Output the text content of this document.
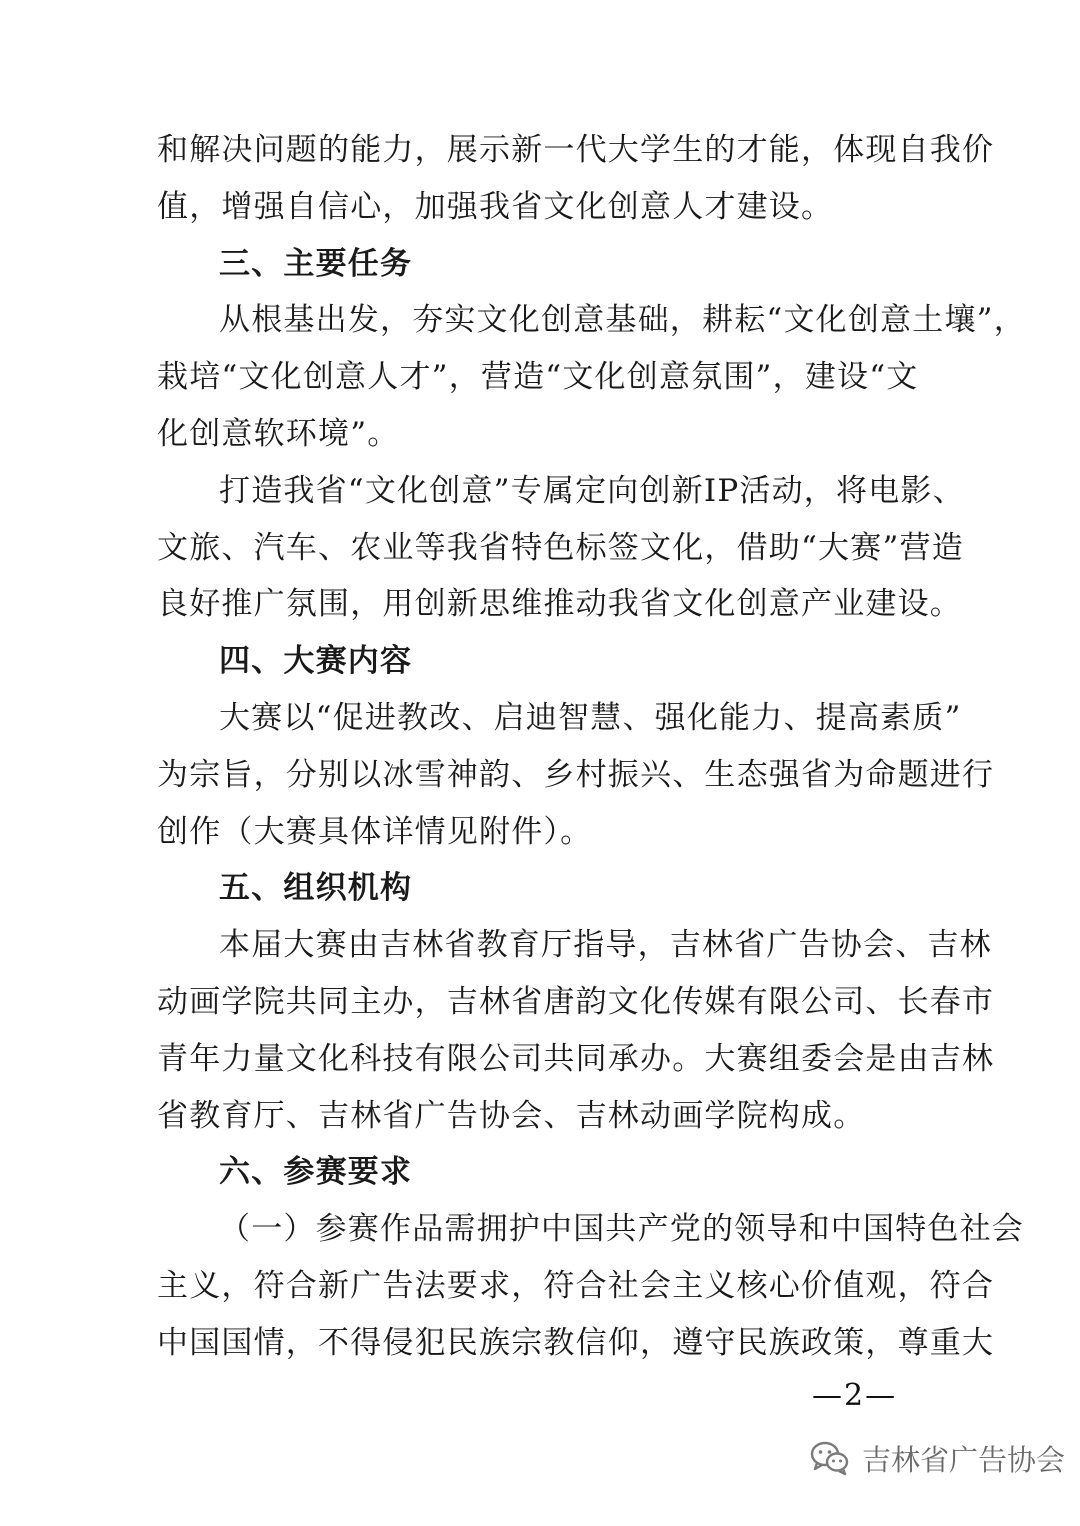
和解决问题的能力，展示新一代大学生的才能，体现自我价
值，增强自信心，加强我省文化创意人才建设。
三、主要任务
从根基出发，夯实文化创意基础，耕耘“文化创意土壤”，
栽培“文化创意人才”，营造“文化创意氛围”，建设“文
化创意软环境”。
打造我省“文化创意”专属定向创新IP活动，将电影、
文旅、汽车、农业等我省特色标签文化，借助“大赛”营造
良好推广氛围，用创新思维推动我省文化创意产业建设。
四、大赛内容
大赛以“促进教改、启迪智慧、强化能力、提高素质”
为宗旨，分别以冰雪神韵、乡村振兴、生态强省为命题进行
创作（大赛具体详情见附件）。
五、组织机构
本届大赛由吉林省教育厅指导，吉林省广告协会、吉林
动画学院共同主办，吉林省唐韵文化传媒有限公司、长春市
青年力量文化科技有限公司共同承办。大赛组委会是由吉林
省教育厅、吉林省广告协会、吉林动画学院构成。
六、参赛要求
（一）参赛作品需拥护中国共产党的领导和中国特色社会
主义，符合新广告法要求，符合社会主义核心价值观，符合
中国国情，不得侵犯民族宗教信仰，遵守民族政策，尊重大
—2—
吉林省广告协会
